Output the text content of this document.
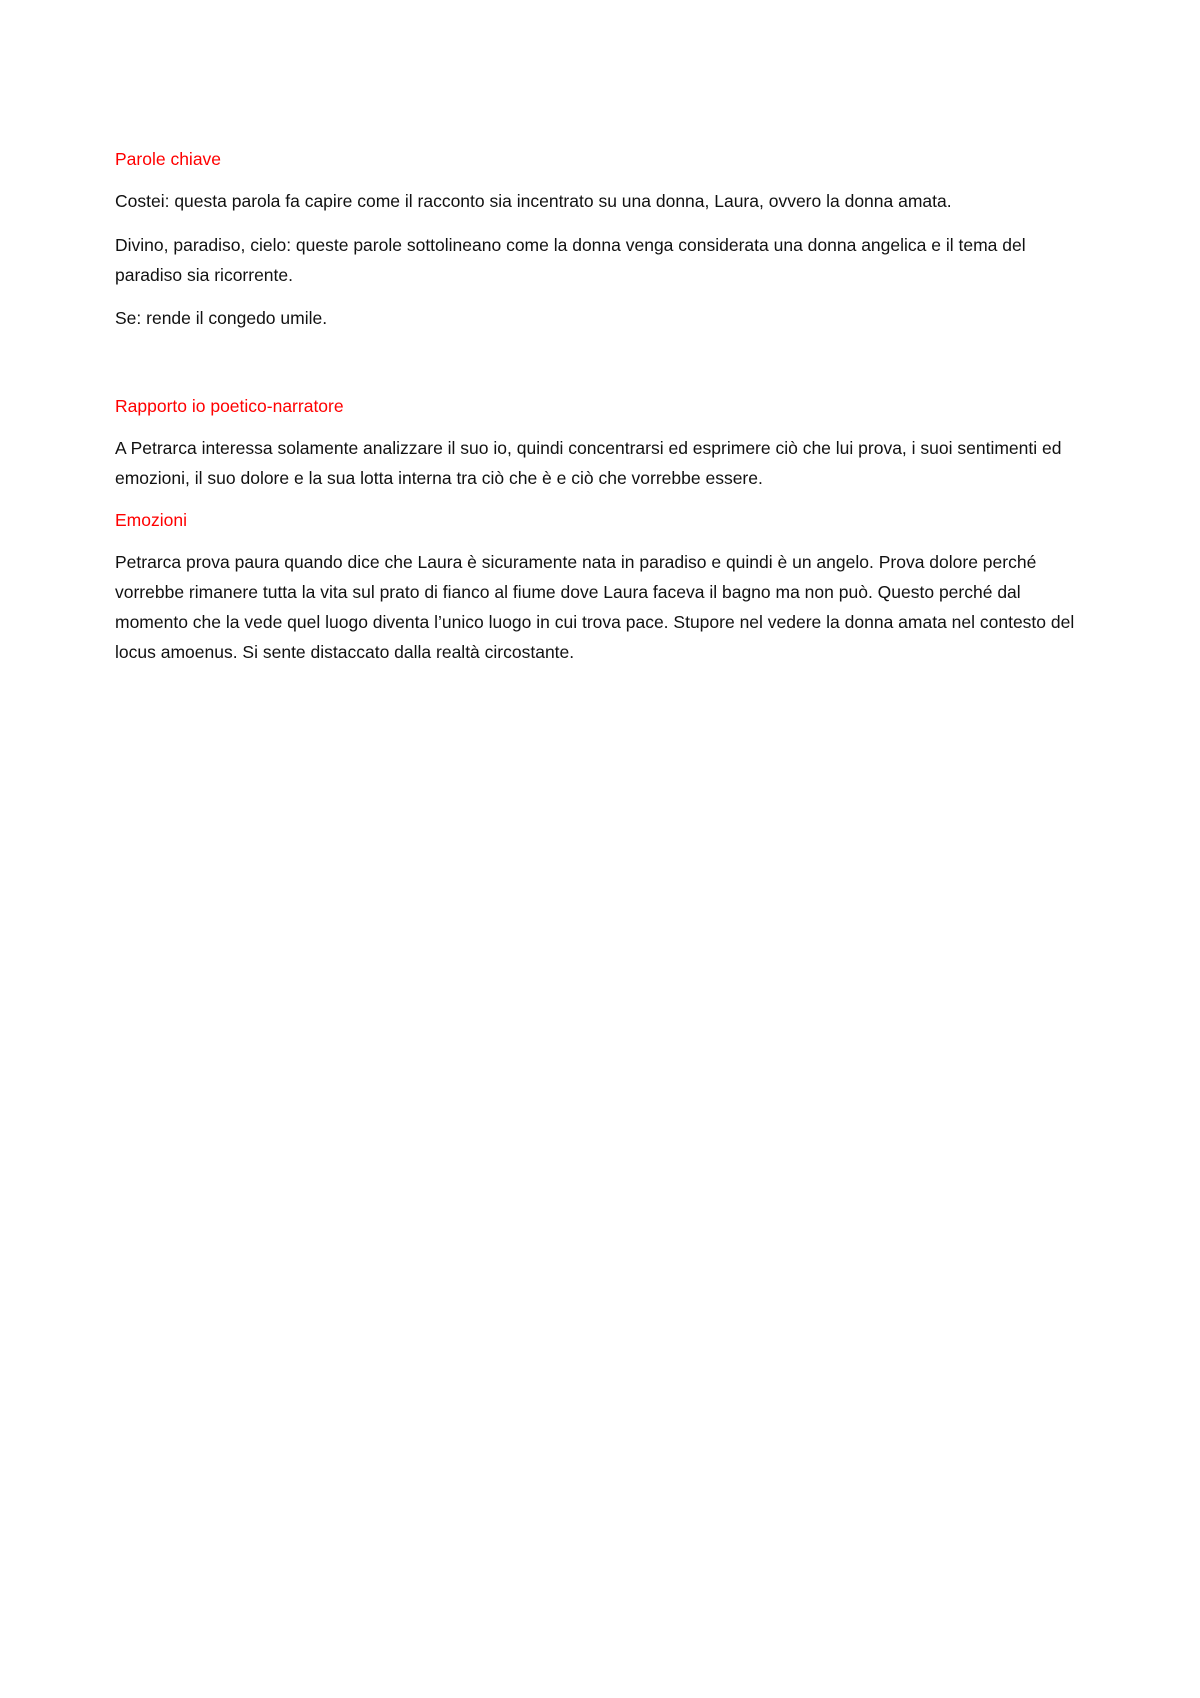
Parole chiave

Costei: questa parola fa capire come il racconto sia incentrato su una donna, Laura, ovvero la donna amata.

Divino, paradiso, cielo: queste parole sottolineano come la donna venga considerata una donna angelica e il tema del paradiso sia ricorrente.

Se: rende il congedo umile.

Rapporto io poetico-narratore

A Petrarca interessa solamente analizzare il suo io, quindi concentrarsi ed esprimere ciò che lui prova, i suoi sentimenti ed emozioni, il suo dolore e la sua lotta interna tra ciò che è e ciò che vorrebbe essere.

Emozioni

Petrarca prova paura quando dice che Laura è sicuramente nata in paradiso e quindi è un angelo. Prova dolore perché vorrebbe rimanere tutta la vita sul prato di fianco al fiume dove Laura faceva il bagno ma non può. Questo perché dal momento che la vede quel luogo diventa l’unico luogo in cui trova pace. Stupore nel vedere la donna amata nel contesto del locus amoenus. Si sente distaccato dalla realtà circostante.
